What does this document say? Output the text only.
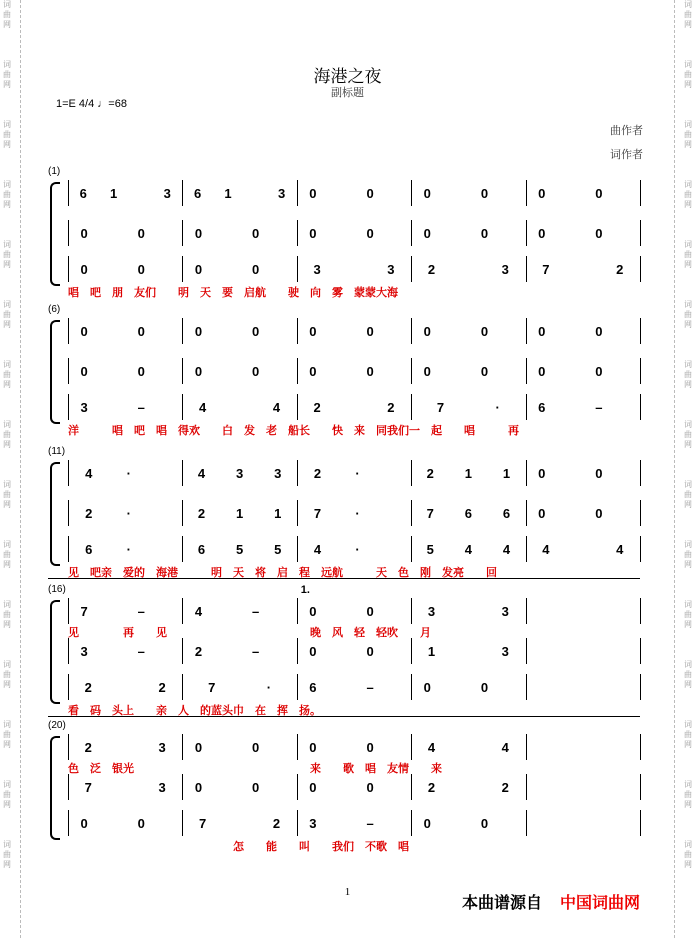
词
曲
网
词
曲
网
词
曲
网
词
曲
网
词
曲
网
词
曲
网
词
曲
网
词
曲
网
词
曲
网
词
曲
网
词
曲
网
词
曲
网
词
曲
网
词
曲
网
词
曲
网
词
曲
网
词
曲
网
词
曲
网
词
曲
网
词
曲
网
词
曲
网
词
曲
网
词
曲
网
词
曲
网
词
曲
网
词
曲
网
词
曲
网
词
曲
网
词
曲
网
词
曲
网
海港之夜
副标题
1=E 4/4 ♩=68
曲作者
词作者
(1)
6 1	3 6 1	3 0	0	0	0	0	0
0	0	0	0	0	0	0	0	0	0
0	0	0	0	3	3	2	3	7	2
唱　吧　朋　友们　　明　天　要　启航　　驶　向　雾　蒙蒙大海
(6)
0	0	0	0	0	0	0	0	0	0
0	0	0	0	0	0	0	0	0	0
3	–	4	4	2	2	7	·	6	–
洋　　　唱　吧　唱　得欢　　白　发　老　船长　　快　来　同我们一　起　　唱　　　再
(11)
4	·	4 3 3	2	·	2 1 1 0	0
2	·	2 1 1	7	·	7 6 6 0	0
6	·	6 5 5	4	·	5 4 4 4	4
见　吧亲　爱的　海港　　　明　天　将　启　程　远航　　　天　色　刚　发亮　　回
(16)
7	–	4	–	0	0	3	3
3	–	2	–	0	0	1	3
2	2	7	·	6	–	0	0
见　　　　再　　见　　　　　　　　　　　　　晚　风　轻　轻吹　　月
1.
看　码　头上　　亲　人　的蓝头巾　在　挥　扬。
(20)
2	3 0	0	0	0	4	4
7	3 0	0	0	0	2	2
0	0	7	2 3	–	0	0
色　泛　银光　　　　　　　　　　　　　　　　来　　歌　唱　友情　　来
　　　　　　　　　　　　　　　怎　　能　　叫　　我们　不歌　唱
1
本曲谱源自 中国词曲网
